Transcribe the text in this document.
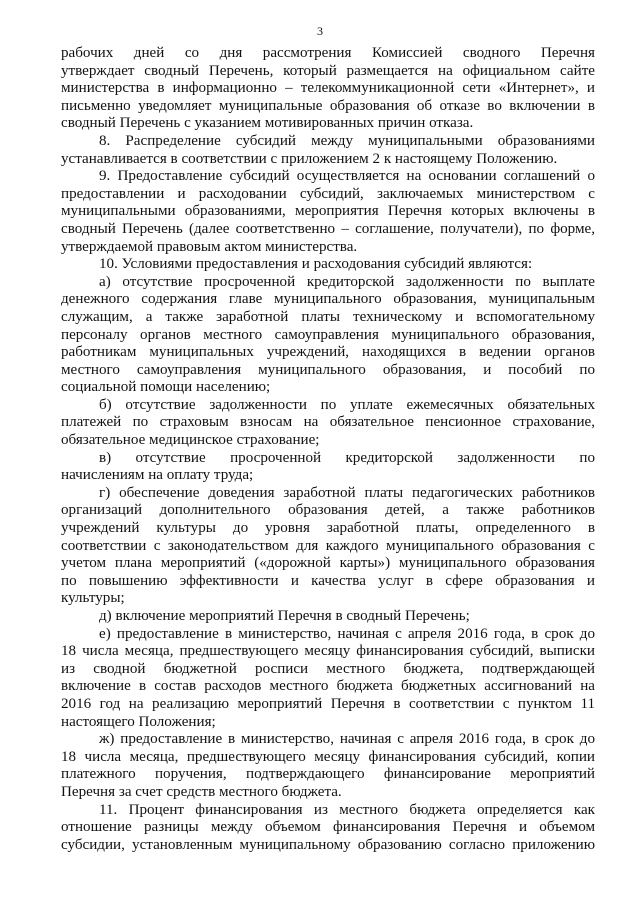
3
рабочих дней со дня рассмотрения Комиссией сводного Перечня
утверждает сводный Перечень, который размещается на официальном сайте
министерства в информационно – телекоммуникационной сети «Интернет», и
письменно уведомляет муниципальные образования об отказе во включении в
сводный Перечень с указанием мотивированных причин отказа.
8. Распределение субсидий между муниципальными образованиями
устанавливается в соответствии с приложением 2 к настоящему Положению.
9. Предоставление субсидий осуществляется на основании соглашений о
предоставлении и расходовании субсидий, заключаемых министерством с
муниципальными образованиями, мероприятия Перечня которых включены в
сводный Перечень (далее соответственно – соглашение, получатели), по форме,
утверждаемой правовым актом министерства.
10. Условиями предоставления и расходования субсидий являются:
а) отсутствие просроченной кредиторской задолженности по выплате
денежного содержания главе муниципального образования, муниципальным
служащим, а также заработной платы техническому и вспомогательному
персоналу органов местного самоуправления муниципального образования,
работникам муниципальных учреждений, находящихся в ведении органов
местного самоуправления муниципального образования, и пособий по
социальной помощи населению;
б) отсутствие задолженности по уплате ежемесячных обязательных
платежей по страховым взносам на обязательное пенсионное страхование,
обязательное медицинское страхование;
в) отсутствие просроченной кредиторской задолженности по
начислениям на оплату труда;
г) обеспечение доведения заработной платы педагогических работников
организаций дополнительного образования детей, а также работников
учреждений культуры до уровня заработной платы, определенного в
соответствии с законодательством для каждого муниципального образования с
учетом плана мероприятий («дорожной карты») муниципального образования
по повышению эффективности и качества услуг в сфере образования и
культуры;
д) включение мероприятий Перечня в сводный Перечень;
е) предоставление в министерство, начиная с апреля 2016 года, в срок до
18 числа месяца, предшествующего месяцу финансирования субсидий, выписки
из сводной бюджетной росписи местного бюджета, подтверждающей
включение в состав расходов местного бюджета бюджетных ассигнований на
2016 год на реализацию мероприятий Перечня в соответствии с пунктом 11
настоящего Положения;
ж) предоставление в министерство, начиная с апреля 2016 года, в срок до
18 числа месяца, предшествующего месяцу финансирования субсидий, копии
платежного поручения, подтверждающего финансирование мероприятий
Перечня за счет средств местного бюджета.
11. Процент финансирования из местного бюджета определяется как
отношение разницы между объемом финансирования Перечня и объемом
субсидии, установленным муниципальному образованию согласно приложению
